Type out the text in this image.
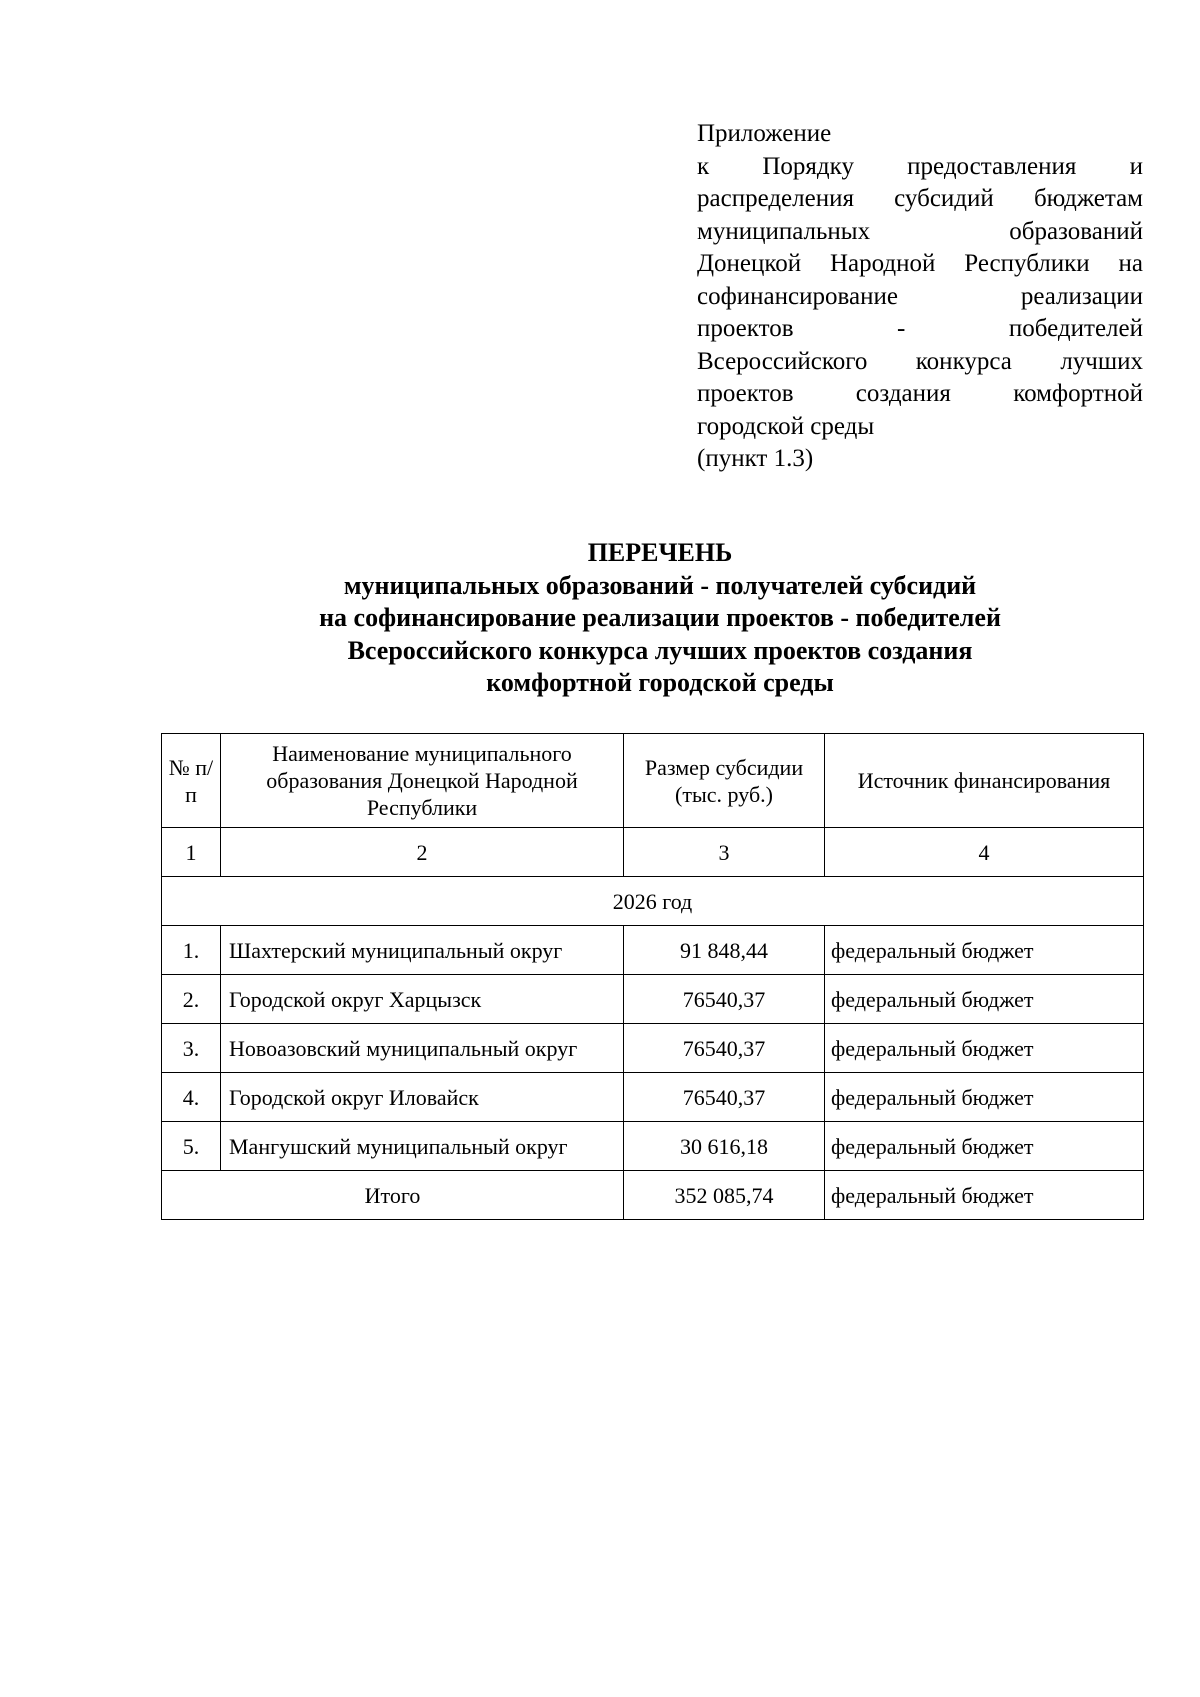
Приложение
к Порядку предоставления и
распределения субсидий бюджетам
муниципальных образований
Донецкой Народной Республики на
софинансирование реализации
проектов - победителей
Всероссийского конкурса лучших
проектов создания комфортной
городской среды
(пункт 1.3)
ПЕРЕЧЕНЬ
муниципальных образований - получателей субсидий
на софинансирование реализации проектов - победителей
Всероссийского конкурса лучших проектов создания
комфортной городской среды
№ п/п	Наименование муниципального образования Донецкой Народной Республики	Размер субсидии (тыс. руб.)	Источник финансирования
1	2	3	4
2026 год			
1.	Шахтерский муниципальный округ	91 848,44	федеральный бюджет
2.	Городской округ Харцызск	76540,37	федеральный бюджет
3.	Новоазовский муниципальный округ	76540,37	федеральный бюджет
4.	Городской округ Иловайск	76540,37	федеральный бюджет
5.	Мангушский муниципальный округ	30 616,18	федеральный бюджет
Итого		352 085,74	федеральный бюджет
